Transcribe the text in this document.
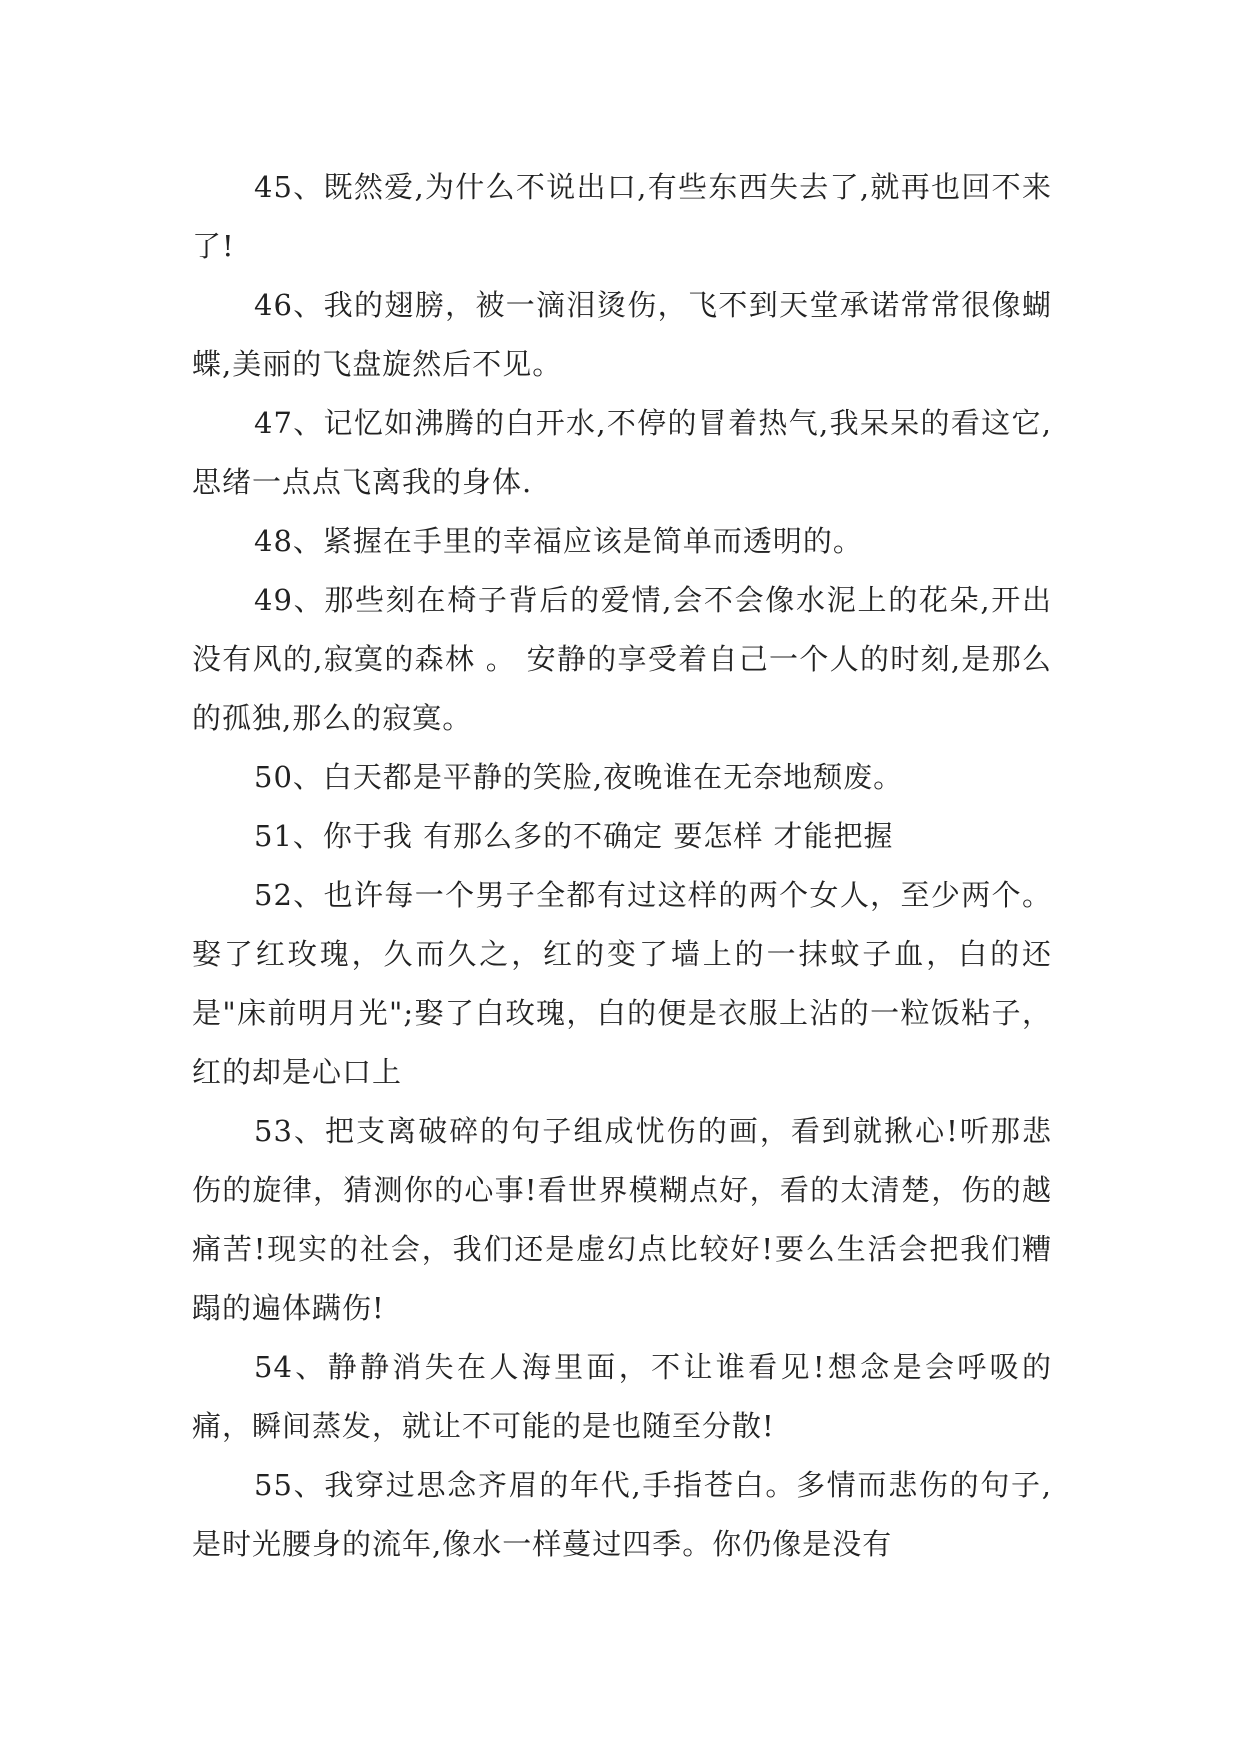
45、既然爱,为什么不说出口,有些东西失去了,就再也回不来了!

46、我的翅膀，被一滴泪烫伤，飞不到天堂承诺常常很像蝴蝶,美丽的飞盘旋然后不见。

47、记忆如沸腾的白开水,不停的冒着热气,我呆呆的看这它,思绪一点点飞离我的身体.

48、紧握在手里的幸福应该是简单而透明的。

49、那些刻在椅子背后的爱情,会不会像水泥上的花朵,开出没有风的,寂寞的森林 。 安静的享受着自己一个人的时刻,是那么的孤独,那么的寂寞。

50、白天都是平静的笑脸,夜晚谁在无奈地颓废。

51、你于我 有那么多的不确定 要怎样 才能把握

52、也许每一个男子全都有过这样的两个女人，至少两个。娶了红玫瑰，久而久之，红的变了墙上的一抹蚊子血，白的还是"床前明月光";娶了白玫瑰，白的便是衣服上沾的一粒饭粘子，红的却是心口上

53、把支离破碎的句子组成忧伤的画，看到就揪心!听那悲伤的旋律，猜测你的心事!看世界模糊点好，看的太清楚，伤的越痛苦!现实的社会，我们还是虚幻点比较好!要么生活会把我们糟蹋的遍体蹒伤!

54、静静消失在人海里面，不让谁看见!想念是会呼吸的痛，瞬间蒸发，就让不可能的是也随至分散!

55、我穿过思念齐眉的年代,手指苍白。多情而悲伤的句子,是时光腰身的流年,像水一样蔓过四季。你仍像是没有
